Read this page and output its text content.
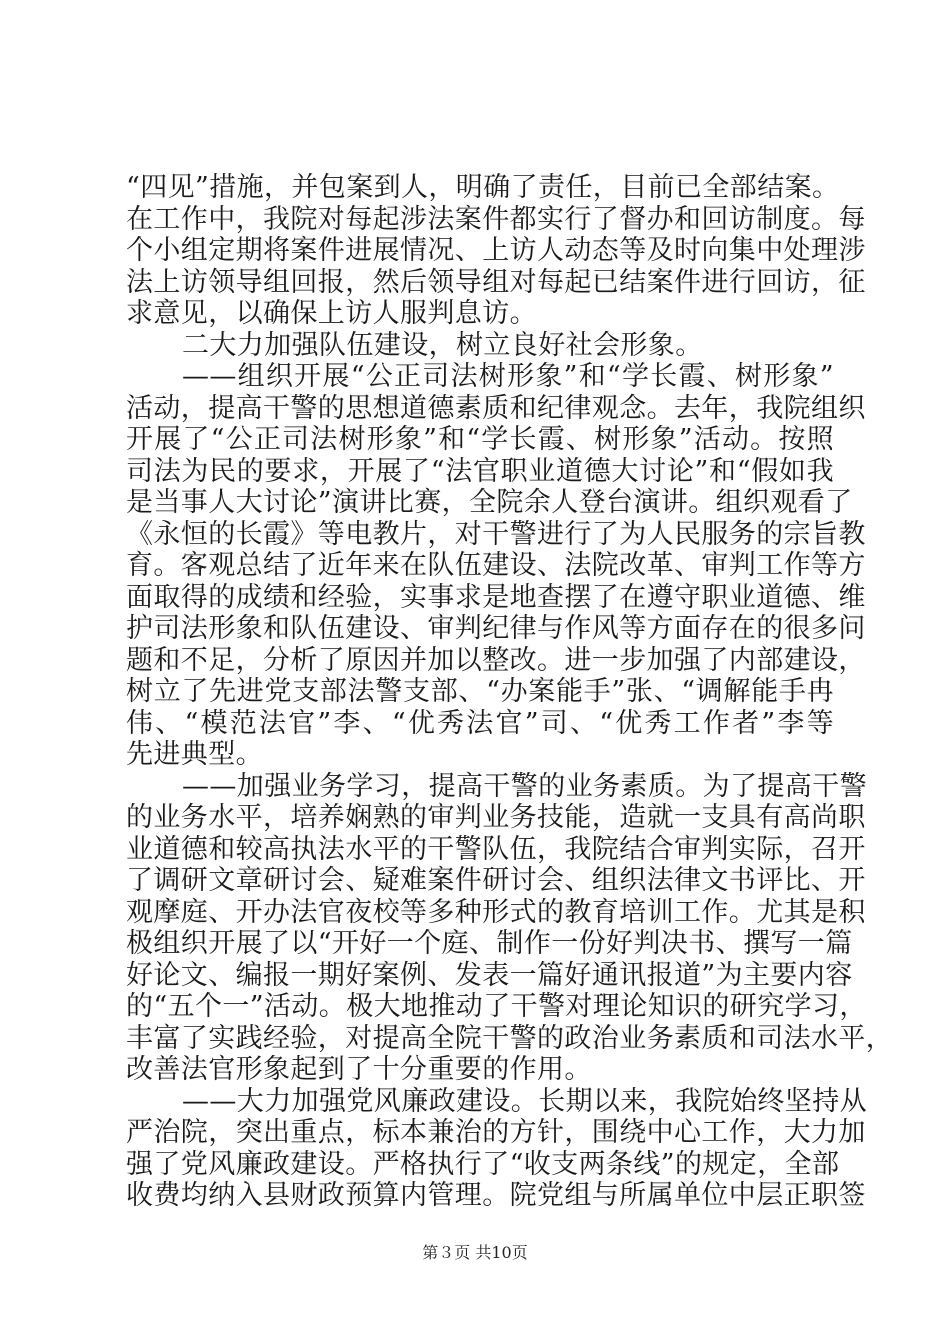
“四见”措施，并包案到人，明确了责任，目前已全部结案。
在工作中，我院对每起涉法案件都实行了督办和回访制度。每
个小组定期将案件进展情况、上访人动态等及时向集中处理涉
法上访领导组回报，然后领导组对每起已结案件进行回访，征
求意见，以确保上访人服判息访。
二大力加强队伍建设，树立良好社会形象。
——组织开展“公正司法树形象”和“学长霞、树形象”
活动，提高干警的思想道德素质和纪律观念。去年，我院组织
开展了“公正司法树形象”和“学长霞、树形象”活动。按照
司法为民的要求，开展了“法官职业道德大讨论”和“假如我
是当事人大讨论”演讲比赛，全院余人登台演讲。组织观看了
《永恒的长霞》等电教片，对干警进行了为人民服务的宗旨教
育。客观总结了近年来在队伍建设、法院改革、审判工作等方
面取得的成绩和经验，实事求是地查摆了在遵守职业道德、维
护司法形象和队伍建设、审判纪律与作风等方面存在的很多问
题和不足，分析了原因并加以整改。进一步加强了内部建设，
树立了先进党支部法警支部、“办案能手”张、“调解能手冉
伟、“模范法官”李、“优秀法官”司、“优秀工作者”李等
先进典型。
——加强业务学习，提高干警的业务素质。为了提高干警
的业务水平，培养娴熟的审判业务技能，造就一支具有高尚职
业道德和较高执法水平的干警队伍，我院结合审判实际，召开
了调研文章研讨会、疑难案件研讨会、组织法律文书评比、开
观摩庭、开办法官夜校等多种形式的教育培训工作。尤其是积
极组织开展了以“开好一个庭、制作一份好判决书、撰写一篇
好论文、编报一期好案例、发表一篇好通讯报道”为主要内容
的“五个一”活动。极大地推动了干警对理论知识的研究学习，
丰富了实践经验，对提高全院干警的政治业务素质和司法水平，
改善法官形象起到了十分重要的作用。
——大力加强党风廉政建设。长期以来，我院始终坚持从
严治院，突出重点，标本兼治的方针，围绕中心工作，大力加
强了党风廉政建设。严格执行了“收支两条线”的规定，全部
收费均纳入县财政预算内管理。院党组与所属单位中层正职签
第３页 共10页
